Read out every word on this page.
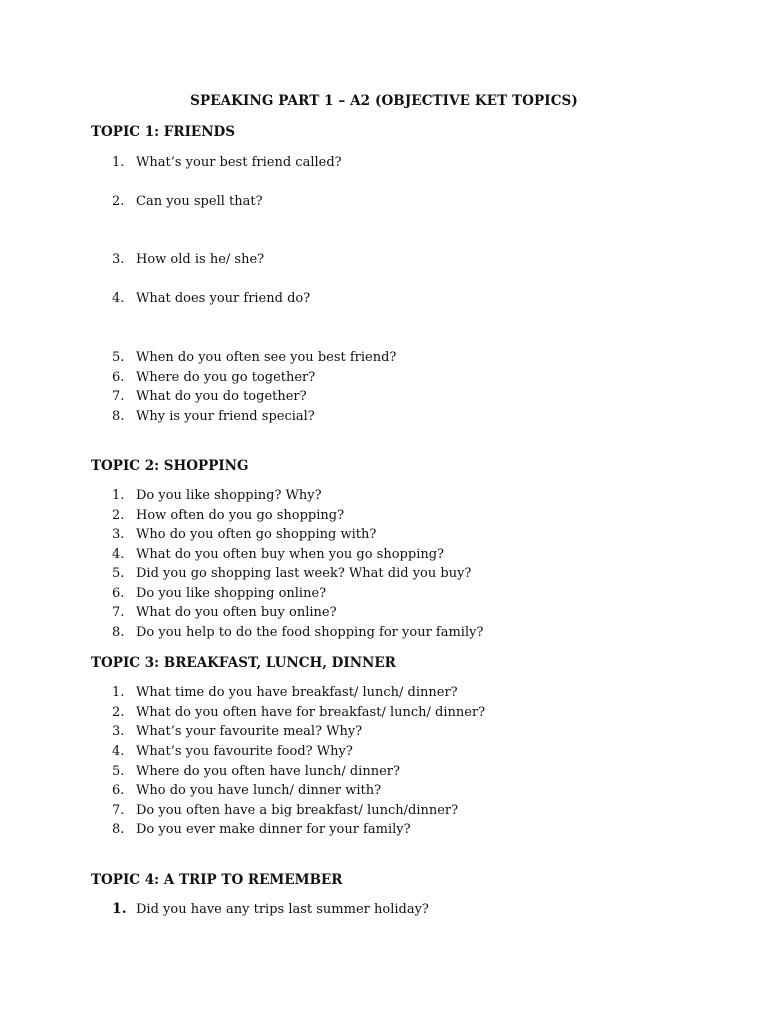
SPEAKING PART 1 – A2 (OBJECTIVE KET TOPICS)
TOPIC 1: FRIENDS
1. What’s your best friend called?
2. Can you spell that?
3. How old is he/ she?
4. What does your friend do?
5. When do you often see you best friend?
6. Where do you go together?
7. What do you do together?
8. Why is your friend special?
TOPIC 2: SHOPPING
1. Do you like shopping? Why?
2. How often do you go shopping?
3. Who do you often go shopping with?
4. What do you often buy when you go shopping?
5. Did you go shopping last week? What did you buy?
6. Do you like shopping online?
7. What do you often buy online?
8. Do you help to do the food shopping for your family?
TOPIC 3: BREAKFAST, LUNCH, DINNER
1. What time do you have breakfast/ lunch/ dinner?
2. What do you often have for breakfast/ lunch/ dinner?
3. What’s your favourite meal? Why?
4. What’s you favourite food? Why?
5. Where do you often have lunch/ dinner?
6. Who do you have lunch/ dinner with?
7. Do you often have a big breakfast/ lunch/dinner?
8. Do you ever make dinner for your family?
TOPIC 4: A TRIP TO REMEMBER
1. Did you have any trips last summer holiday?
